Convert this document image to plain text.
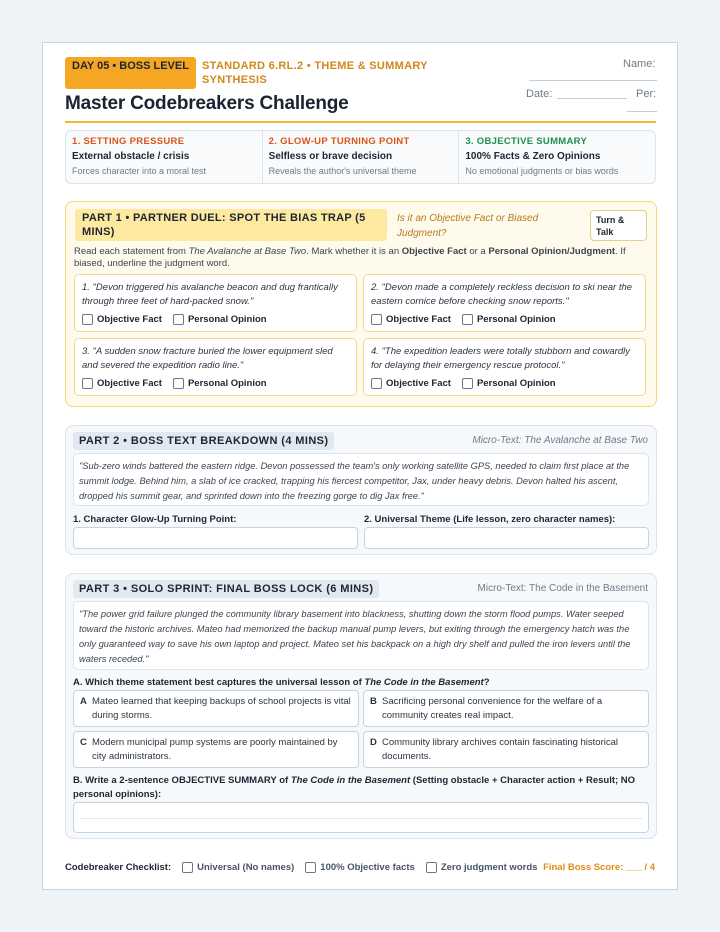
DAY 05 • BOSS LEVEL	STANDARD 6.RL.2 • THEME & SUMMARY SYNTHESIS
Master Codebreakers Challenge
Name:
Date:	Per:
1. SETTING PRESSURE
External obstacle / crisis
Forces character into a moral test
2. GLOW-UP TURNING POINT
Selfless or brave decision
Reveals the author's universal theme
3. OBJECTIVE SUMMARY
100% Facts & Zero Opinions
No emotional judgments or bias words
PART 1 • PARTNER DUEL: SPOT THE BIAS TRAP (5 MINS)
Is it an Objective Fact or Biased Judgment?
Turn & Talk
Read each statement from The Avalanche at Base Two. Mark whether it is an Objective Fact or a Personal Opinion/Judgment. If biased, underline the judgment word.
1. "Devon triggered his avalanche beacon and dug frantically through three feet of hard-packed snow."
Objective Fact	Personal Opinion
2. "Devon made a completely reckless decision to ski near the eastern cornice before checking snow reports."
Objective Fact	Personal Opinion
3. "A sudden snow fracture buried the lower equipment sled and severed the expedition radio line."
Objective Fact	Personal Opinion
4. "The expedition leaders were totally stubborn and cowardly for delaying their emergency rescue protocol."
Objective Fact	Personal Opinion
PART 2 • BOSS TEXT BREAKDOWN (4 MINS)	Micro-Text: The Avalanche at Base Two
"Sub-zero winds battered the eastern ridge. Devon possessed the team's only working satellite GPS, needed to claim first place at the summit lodge. Behind him, a slab of ice cracked, trapping his fiercest competitor, Jax, under heavy debris. Devon halted his ascent, dropped his summit gear, and sprinted down into the freezing gorge to dig Jax free."
1. Character Glow-Up Turning Point:	2. Universal Theme (Life lesson, zero character names):
PART 3 • SOLO SPRINT: FINAL BOSS LOCK (6 MINS)	Micro-Text: The Code in the Basement
"The power grid failure plunged the community library basement into blackness, shutting down the storm flood pumps. Water seeped toward the historic archives. Mateo had memorized the backup manual pump levers, but exiting through the emergency hatch was the only guaranteed way to save his own laptop and project. Mateo set his backpack on a high dry shelf and pulled the iron levers until the waters receded."
A. Which theme statement best captures the universal lesson of The Code in the Basement?
A Mateo learned that keeping backups of school projects is vital during storms.
B Sacrificing personal convenience for the welfare of a community creates real impact.
C Modern municipal pump systems are poorly maintained by city administrators.
D Community library archives contain fascinating historical documents.
B. Write a 2-sentence OBJECTIVE SUMMARY of The Code in the Basement (Setting obstacle + Character action + Result; NO personal opinions):
Codebreaker Checklist:	Universal (No names)	100% Objective facts	Zero judgment words Final Boss Score: ___ / 4
